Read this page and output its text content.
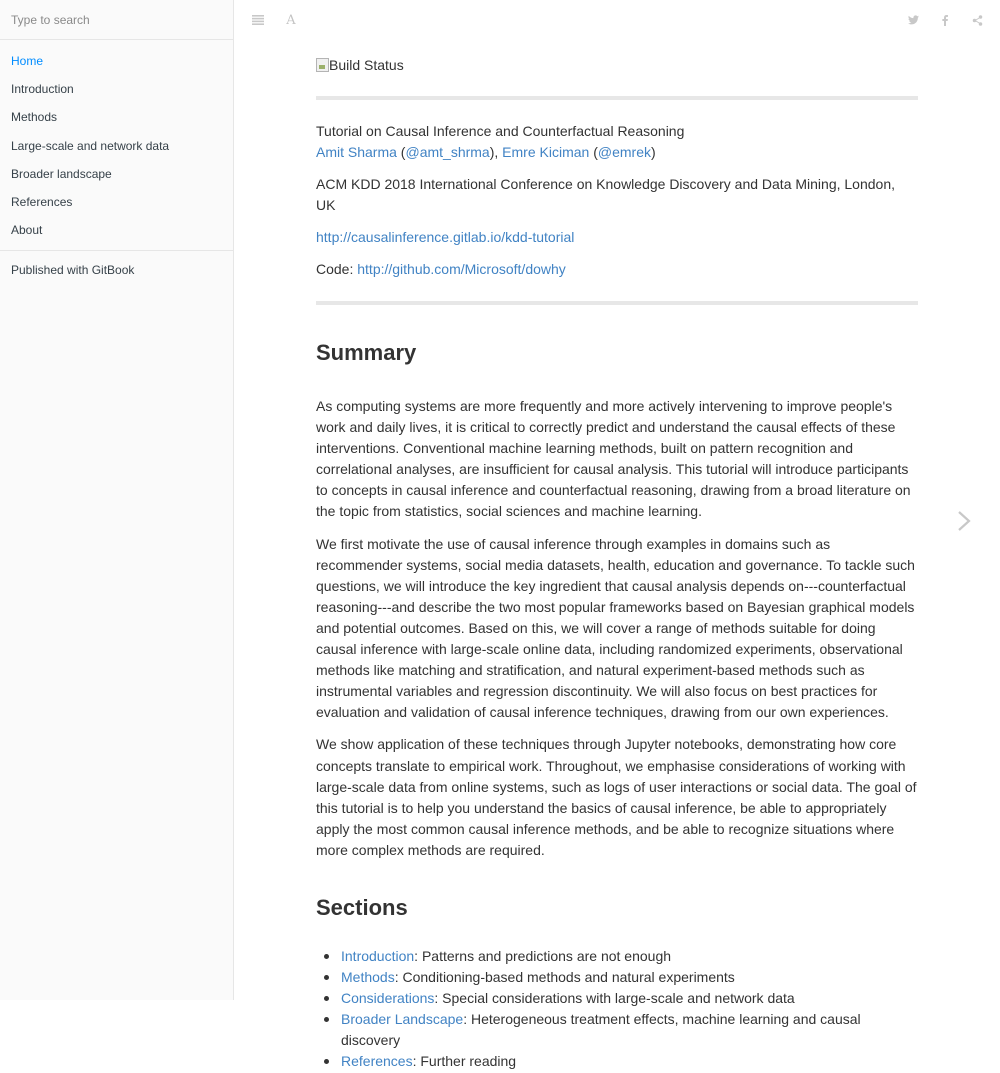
Type to search
Home
Introduction
Methods
Large-scale and network data
Broader landscape
References
About
Published with GitBook
A
Build Status
Tutorial on Causal Inference and Counterfactual Reasoning
Amit Sharma (@amt_shrma), Emre Kiciman (@emrek)

ACM KDD 2018 International Conference on Knowledge Discovery and Data Mining, London, UK

http://causalinference.gitlab.io/kdd-tutorial

Code: http://github.com/Microsoft/dowhy

Summary

As computing systems are more frequently and more actively intervening to improve people's work and daily lives, it is critical to correctly predict and understand the causal effects of these interventions. Conventional machine learning methods, built on pattern recognition and correlational analyses, are insufficient for causal analysis. This tutorial will introduce participants to concepts in causal inference and counterfactual reasoning, drawing from a broad literature on the topic from statistics, social sciences and machine learning.

We first motivate the use of causal inference through examples in domains such as recommender systems, social media datasets, health, education and governance. To tackle such questions, we will introduce the key ingredient that causal analysis depends on---counterfactual reasoning---and describe the two most popular frameworks based on Bayesian graphical models and potential outcomes. Based on this, we will cover a range of methods suitable for doing causal inference with large-scale online data, including randomized experiments, observational methods like matching and stratification, and natural experiment-based methods such as instrumental variables and regression discontinuity. We will also focus on best practices for evaluation and validation of causal inference techniques, drawing from our own experiences.

We show application of these techniques through Jupyter notebooks, demonstrating how core concepts translate to empirical work. Throughout, we emphasise considerations of working with large-scale data from online systems, such as logs of user interactions or social data. The goal of this tutorial is to help you understand the basics of causal inference, be able to appropriately apply the most common causal inference methods, and be able to recognize situations where more complex methods are required.

Sections
Introduction: Patterns and predictions are not enough
Methods: Conditioning-based methods and natural experiments
Considerations: Special considerations with large-scale and network data
Broader Landscape: Heterogeneous treatment effects, machine learning and causal discovery
References: Further reading
